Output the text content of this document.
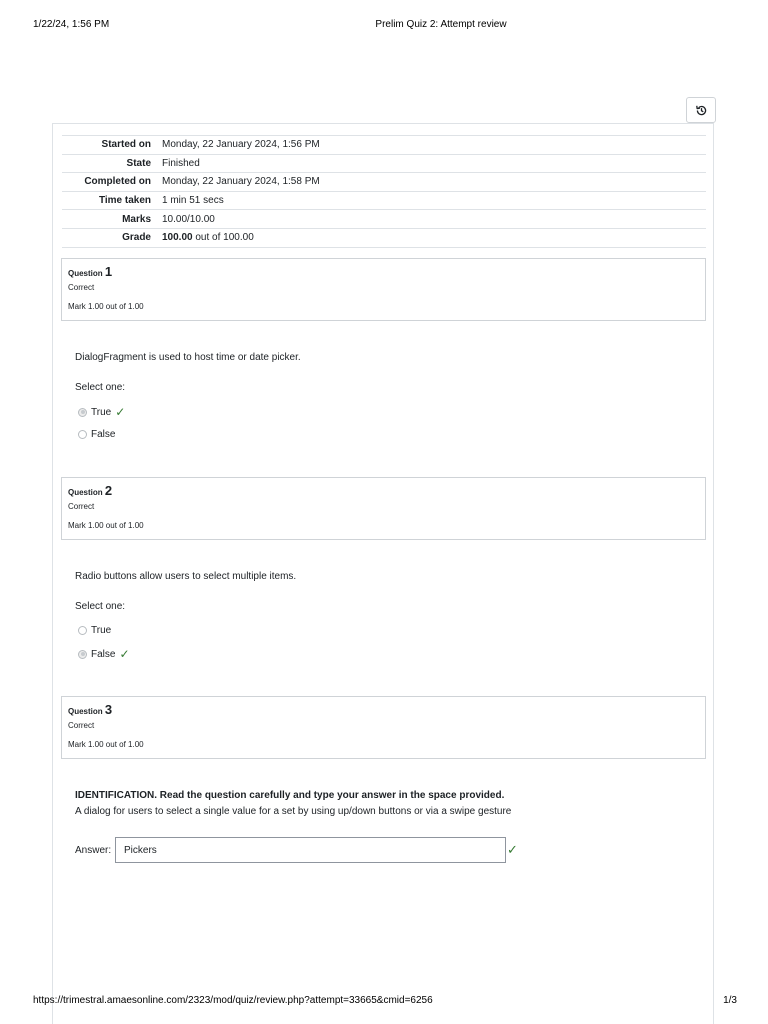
1/22/24, 1:56 PM	Prelim Quiz 2: Attempt review
Started on	Monday, 22 January 2024, 1:56 PM
State	Finished
Completed on	Monday, 22 January 2024, 1:58 PM
Time taken	1 min 51 secs
Marks	10.00/10.00
Grade	100.00 out of 100.00
Question 1
Correct
Mark 1.00 out of 1.00
DialogFragment is used to host time or date picker.
Select one:
True ✓
False
Question 2
Correct
Mark 1.00 out of 1.00
Radio buttons allow users to select multiple items.
Select one:
True
False ✓
Question 3
Correct
Mark 1.00 out of 1.00
IDENTIFICATION. Read the question carefully and type your answer in the space provided.
A dialog for users to select a single value for a set by using up/down buttons or via a swipe gesture
Answer:	Pickers	✓
https://trimestral.amaesonline.com/2323/mod/quiz/review.php?attempt=33665&cmid=6256	1/3
